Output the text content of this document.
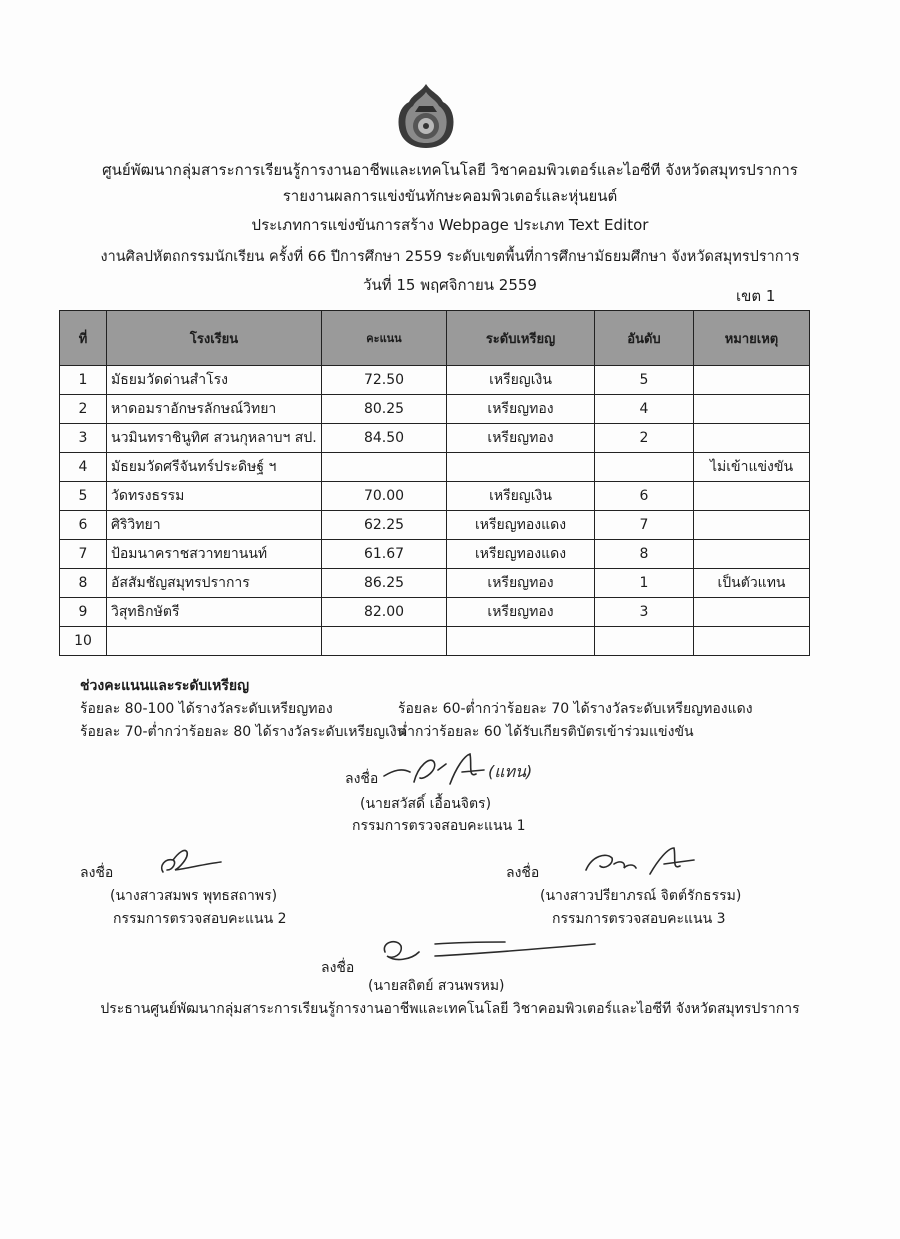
ศูนย์พัฒนากลุ่มสาระการเรียนรู้การงานอาชีพและเทคโนโลยี วิชาคอมพิวเตอร์และไอซีที จังหวัดสมุทรปราการ
รายงานผลการแข่งขันทักษะคอมพิวเตอร์และหุ่นยนต์
ประเภทการแข่งขันการสร้าง Webpage ประเภท Text Editor
งานศิลปหัตถกรรมนักเรียน ครั้งที่ 66 ปีการศึกษา 2559 ระดับเขตพื้นที่การศึกษามัธยมศึกษา จังหวัดสมุทรปราการ
วันที่ 15 พฤศจิกายน 2559
เขต 1
ที่	โรงเรียน	คะแนน	ระดับเหรียญ	อันดับ	หมายเหตุ
1	มัธยมวัดด่านสำโรง	72.50	เหรียญเงิน	5	
2	หาดอมราอักษรลักษณ์วิทยา	80.25	เหรียญทอง	4	
3	นวมินทราชินูทิศ สวนกุหลาบฯ สป.	84.50	เหรียญทอง	2	
4	มัธยมวัดศรีจันทร์ประดิษฐ์ ฯ				ไม่เข้าแข่งขัน
5	วัดทรงธรรม	70.00	เหรียญเงิน	6	
6	ศิริวิทยา	62.25	เหรียญทองแดง	7	
7	ป้อมนาคราชสวาทยานนท์	61.67	เหรียญทองแดง	8	
8	อัสสัมชัญสมุทรปราการ	86.25	เหรียญทอง	1	เป็นตัวแทน
9	วิสุทธิกษัตรี	82.00	เหรียญทอง	3	
10					
ช่วงคะแนนและระดับเหรียญ
ร้อยละ 80-100 ได้รางวัลระดับเหรียญทอง
ร้อยละ 70-ต่ำกว่าร้อยละ 80 ได้รางวัลระดับเหรียญเงิน
ร้อยละ 60-ต่ำกว่าร้อยละ 70 ได้รางวัลระดับเหรียญทองแดง
ต่ำกว่าร้อยละ 60 ได้รับเกียรติบัตรเข้าร่วมแข่งขัน
ลงชื่อ	(แทน)
(นายสวัสดิ์ เอื้อนจิตร)
กรรมการตรวจสอบคะแนน 1
ลงชื่อ
(นางสาวสมพร พุทธสถาพร)
กรรมการตรวจสอบคะแนน 2
ลงชื่อ
(นางสาวปรียาภรณ์ จิตต์รักธรรม)
กรรมการตรวจสอบคะแนน 3
ลงชื่อ
(นายสถิตย์ สวนพรหม)
ประธานศูนย์พัฒนากลุ่มสาระการเรียนรู้การงานอาชีพและเทคโนโลยี วิชาคอมพิวเตอร์และไอซีที จังหวัดสมุทรปราการ
